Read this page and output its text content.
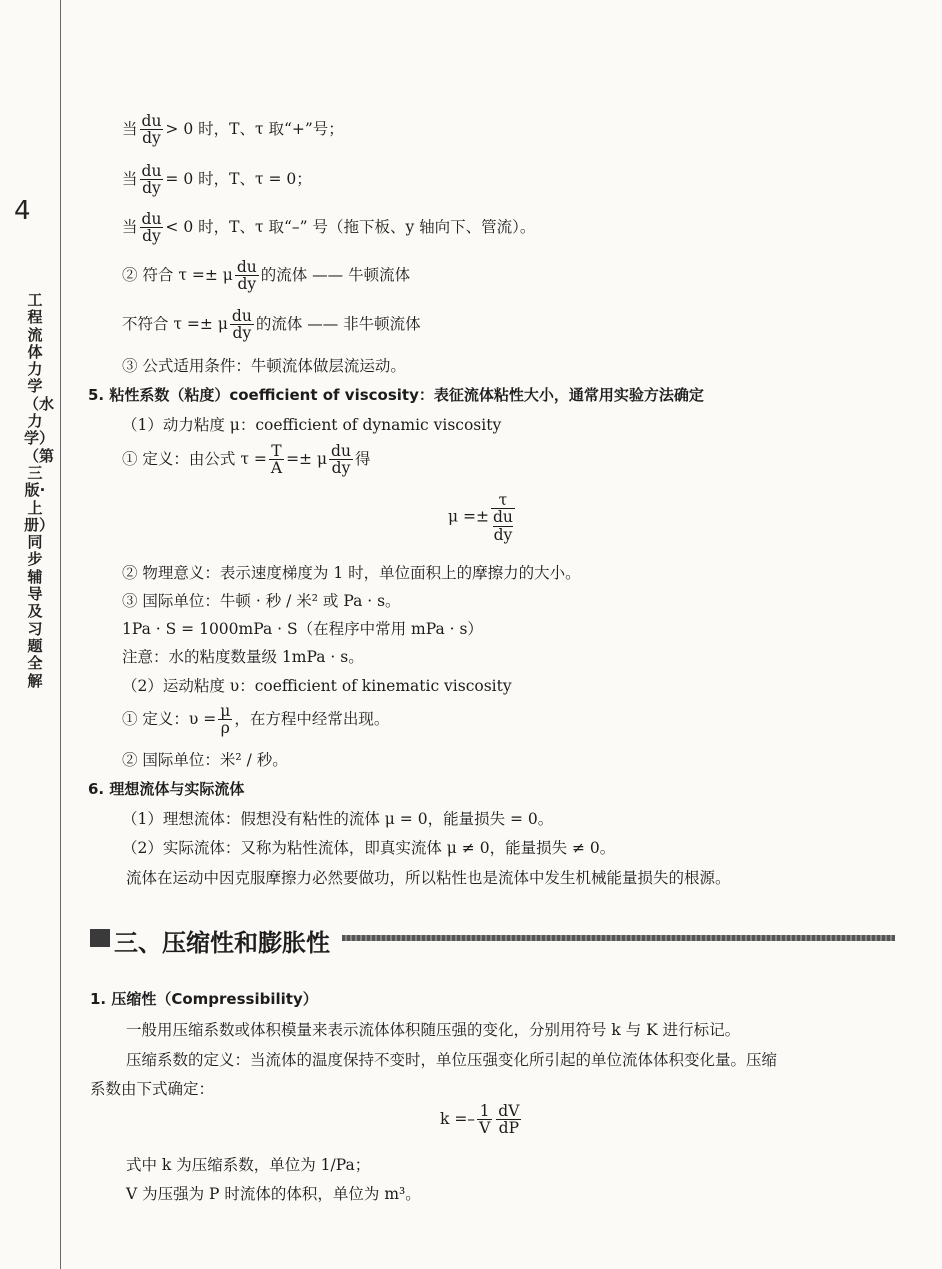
4
工程流体力学（水力学）（第三版·上册）同步辅导及习题全解
当 $\frac{du}{dy} > 0$ 时，T、τ 取“+”号；
当 $\frac{du}{dy} = 0$ 时，T、τ = 0；
当 $\frac{du}{dy} < 0$ 时，T、τ 取“–” 号（拖下板、y 轴向下、管流）。
② 符合 τ =± μ $\frac{du}{dy}$ 的流体 —— 牛顿流体
不符合 τ =± μ $\frac{du}{dy}$ 的流体 —— 非牛顿流体
③ 公式适用条件：牛顿流体做层流运动。
5. 粘性系数（粘度）coefficient of viscosity：表征流体粘性大小，通常用实验方法确定
（1）动力粘度 μ：coefficient of dynamic viscosity
① 定义：由公式 $\tau = \frac{T}{A} =\pm \mu \frac{du}{dy}$ 得
μ =± τ
du
dy
② 物理意义：表示速度梯度为 1 时，单位面积上的摩擦力的大小。
③ 国际单位：牛顿 · 秒 / 米² 或 Pa · s。
1Pa · S = 1000mPa · S（在程序中常用 mPa · s）
注意：水的粘度数量级 1mPa · s。
（2）运动粘度 υ：coefficient of kinematic viscosity
① 定义：$\upsilon = \frac{\mu}{\rho}$ ，在方程中经常出现。
② 国际单位：米² / 秒。
6. 理想流体与实际流体
（1）理想流体：假想没有粘性的流体 μ = 0，能量损失 = 0。
（2）实际流体：又称为粘性流体，即真实流体 μ ≠ 0，能量损失 ≠ 0。
流体在运动中因克服摩擦力必然要做功，所以粘性也是流体中发生机械能量损失的根源。
三、压缩性和膨胀性
1. 压缩性（Compressibility）
一般用压缩系数或体积模量来表示流体体积随压强的变化，分别用符号 k 与 K 进行标记。
压缩系数的定义：当流体的温度保持不变时，单位压强变化所引起的单位流体体积变化量。压缩
系数由下式确定：
$k =- \frac{1}{V} \frac{dV}{dP}$
式中 k 为压缩系数，单位为 1/Pa；
V 为压强为 P 时流体的体积，单位为 m³。
